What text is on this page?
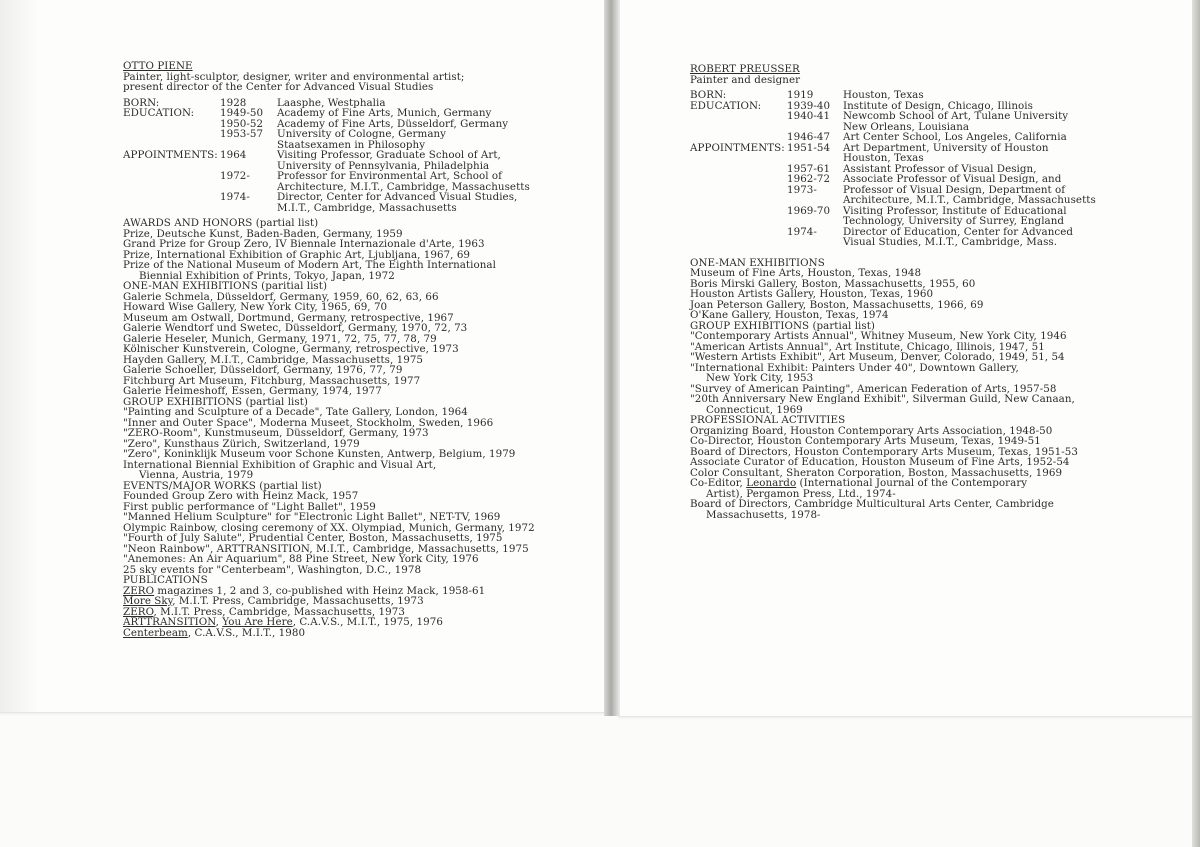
OTTO PIENE
Painter, light-sculptor, designer, writer and environmental artist;
present director of the Center for Advanced Visual Studies
BORN:	1928	Laasphe, Westphalia
EDUCATION:	1949-50	Academy of Fine Arts, Munich, Germany
1950-52	Academy of Fine Arts, Düsseldorf, Germany
1953-57	University of Cologne, Germany
Staatsexamen in Philosophy
APPOINTMENTS: 1964	Visiting Professor, Graduate School of Art,
University of Pennsylvania, Philadelphia
1972-	Professor for Environmental Art, School of
Architecture, M.I.T., Cambridge, Massachusetts
1974-	Director, Center for Advanced Visual Studies,
M.I.T., Cambridge, Massachusetts
AWARDS AND HONORS (partial list)
Prize, Deutsche Kunst, Baden-Baden, Germany, 1959
Grand Prize for Group Zero, IV Biennale Internazionale d'Arte, 1963
Prize, International Exhibition of Graphic Art, Ljubljana, 1967, 69
Prize of the National Museum of Modern Art, The Eighth International
Biennial Exhibition of Prints, Tokyo, Japan, 1972
ONE-MAN EXHIBITIONS (paritial list)
Galerie Schmela, Düsseldorf, Germany, 1959, 60, 62, 63, 66
Howard Wise Gallery, New York City, 1965, 69, 70
Museum am Ostwall, Dortmund, Germany, retrospective, 1967
Galerie Wendtorf und Swetec, Düsseldorf, Germany, 1970, 72, 73
Galerie Heseler, Munich, Germany, 1971, 72, 75, 77, 78, 79
Kölnischer Kunstverein, Cologne, Germany, retrospective, 1973
Hayden Gallery, M.I.T., Cambridge, Massachusetts, 1975
Galerie Schoeller, Düsseldorf, Germany, 1976, 77, 79
Fitchburg Art Museum, Fitchburg, Massachusetts, 1977
Galerie Heimeshoff, Essen, Germany, 1974, 1977
GROUP EXHIBITIONS (partial list)
"Painting and Sculpture of a Decade", Tate Gallery, London, 1964
"Inner and Outer Space", Moderna Museet, Stockholm, Sweden, 1966
"ZERO-Room", Kunstmuseum, Düsseldorf, Germany, 1973
"Zero", Kunsthaus Zürich, Switzerland, 1979
"Zero", Koninklijk Museum voor Schone Kunsten, Antwerp, Belgium, 1979
International Biennial Exhibition of Graphic and Visual Art,
Vienna, Austria, 1979
EVENTS/MAJOR WORKS (partial list)
Founded Group Zero with Heinz Mack, 1957
First public performance of "Light Ballet", 1959
"Manned Helium Sculpture" for "Electronic Light Ballet", NET-TV, 1969
Olympic Rainbow, closing ceremony of XX. Olympiad, Munich, Germany, 1972
"Fourth of July Salute", Prudential Center, Boston, Massachusetts, 1975
"Neon Rainbow", ARTTRANSITION, M.I.T., Cambridge, Massachusetts, 1975
"Anemones: An Air Aquarium", 88 Pine Street, New York City, 1976
25 sky events for "Centerbeam", Washington, D.C., 1978
PUBLICATIONS
ZERO magazines 1, 2 and 3, co-published with Heinz Mack, 1958-61
More Sky, M.I.T. Press, Cambridge, Massachusetts, 1973
ZERO, M.I.T. Press, Cambridge, Massachusetts, 1973
ARTTRANSITION, You Are Here, C.A.V.S., M.I.T., 1975, 1976
Centerbeam, C.A.V.S., M.I.T., 1980
ROBERT PREUSSER
Painter and designer
BORN:	1919	Houston, Texas
EDUCATION:	1939-40	Institute of Design, Chicago, Illinois
1940-41	Newcomb School of Art, Tulane University
New Orleans, Louisiana
1946-47	Art Center School, Los Angeles, California
APPOINTMENTS: 1951-54	Art Department, University of Houston
Houston, Texas
1957-61	Assistant Professor of Visual Design,
1962-72	Associate Professor of Visual Design, and
1973-	Professor of Visual Design, Department of
Architecture, M.I.T., Cambridge, Massachusetts
1969-70	Visiting Professor, Institute of Educational
Technology, University of Surrey, England
1974-	Director of Education, Center for Advanced
Visual Studies, M.I.T., Cambridge, Mass.
ONE-MAN EXHIBITIONS
Museum of Fine Arts, Houston, Texas, 1948
Boris Mirski Gallery, Boston, Massachusetts, 1955, 60
Houston Artists Gallery, Houston, Texas, 1960
Joan Peterson Gallery, Boston, Massachusetts, 1966, 69
O'Kane Gallery, Houston, Texas, 1974
GROUP EXHIBITIONS (partial list)
"Contemporary Artists Annual", Whitney Museum, New York City, 1946
"American Artists Annual", Art Institute, Chicago, Illinois, 1947, 51
"Western Artists Exhibit", Art Museum, Denver, Colorado, 1949, 51, 54
"International Exhibit: Painters Under 40", Downtown Gallery,
New York City, 1953
"Survey of American Painting", American Federation of Arts, 1957-58
"20th Anniversary New England Exhibit", Silverman Guild, New Canaan,
Connecticut, 1969
PROFESSIONAL ACTIVITIES
Organizing Board, Houston Contemporary Arts Association, 1948-50
Co-Director, Houston Contemporary Arts Museum, Texas, 1949-51
Board of Directors, Houston Contemporary Arts Museum, Texas, 1951-53
Associate Curator of Education, Houston Museum of Fine Arts, 1952-54
Color Consultant, Sheraton Corporation, Boston, Massachusetts, 1969
Co-Editor, Leonardo (International Journal of the Contemporary
Artist), Pergamon Press, Ltd., 1974-
Board of Directors, Cambridge Multicultural Arts Center, Cambridge
Massachusetts, 1978-
